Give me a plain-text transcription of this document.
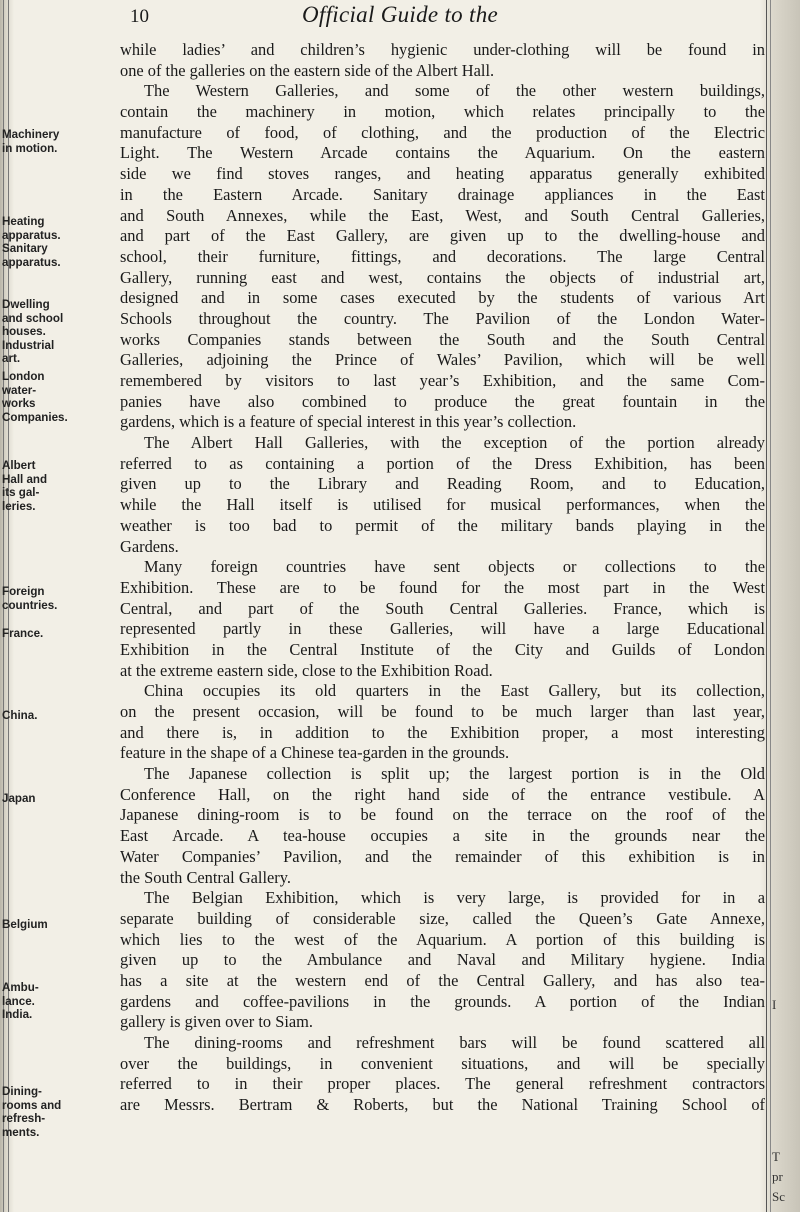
I
T
pr
Sc
10	Official Guide to the
while ladies’ and children’s hygienic under-clothing will be found in
one of the galleries on the eastern side of the Albert Hall.
The Western Galleries, and some of the other western buildings,
contain the machinery in motion, which relates principally to the
manufacture of food, of clothing, and the production of the Electric
Light. The Western Arcade contains the Aquarium. On the eastern
side we find stoves ranges, and heating apparatus generally exhibited
in the Eastern Arcade. Sanitary drainage appliances in the East
and South Annexes, while the East, West, and South Central Galleries,
and part of the East Gallery, are given up to the dwelling-house and
school, their furniture, fittings, and decorations. The large Central
Gallery, running east and west, contains the objects of industrial art,
designed and in some cases executed by the students of various Art
Schools throughout the country. The Pavilion of the London Water-
works Companies stands between the South and the South Central
Galleries, adjoining the Prince of Wales’ Pavilion, which will be well
remembered by visitors to last year’s Exhibition, and the same Com-
panies have also combined to produce the great fountain in the
gardens, which is a feature of special interest in this year’s collection.
The Albert Hall Galleries, with the exception of the portion already
referred to as containing a portion of the Dress Exhibition, has been
given up to the Library and Reading Room, and to Education,
while the Hall itself is utilised for musical performances, when the
weather is too bad to permit of the military bands playing in the
Gardens.
Many foreign countries have sent objects or collections to the
Exhibition. These are to be found for the most part in the West
Central, and part of the South Central Galleries. France, which is
represented partly in these Galleries, will have a large Educational
Exhibition in the Central Institute of the City and Guilds of London
at the extreme eastern side, close to the Exhibition Road.
China occupies its old quarters in the East Gallery, but its collection,
on the present occasion, will be found to be much larger than last year,
and there is, in addition to the Exhibition proper, a most interesting
feature in the shape of a Chinese tea-garden in the grounds.
The Japanese collection is split up; the largest portion is in the Old
Conference Hall, on the right hand side of the entrance vestibule. A
Japanese dining-room is to be found on the terrace on the roof of the
East Arcade. A tea-house occupies a site in the grounds near the
Water Companies’ Pavilion, and the remainder of this exhibition is in
the South Central Gallery.
The Belgian Exhibition, which is very large, is provided for in a
separate building of considerable size, called the Queen’s Gate Annexe,
which lies to the west of the Aquarium. A portion of this building is
given up to the Ambulance and Naval and Military hygiene. India
has a site at the western end of the Central Gallery, and has also tea-
gardens and coffee-pavilions in the grounds. A portion of the Indian
gallery is given over to Siam.
The dining-rooms and refreshment bars will be found scattered all
over the buildings, in convenient situations, and will be specially
referred to in their proper places. The general refreshment contractors
are Messrs. Bertram & Roberts, but the National Training School of
Machinery
in motion.
Heating
apparatus.
Sanitary
apparatus.
Dwelling
and school
houses.
Industrial
art.
London
water-
works
Companies.
Albert
Hall and
its gal-
leries.
Foreign
countries.
France.
China.
Japan
Belgium
Ambu-
lance.
India.
Dining-
rooms and
refresh-
ments.
